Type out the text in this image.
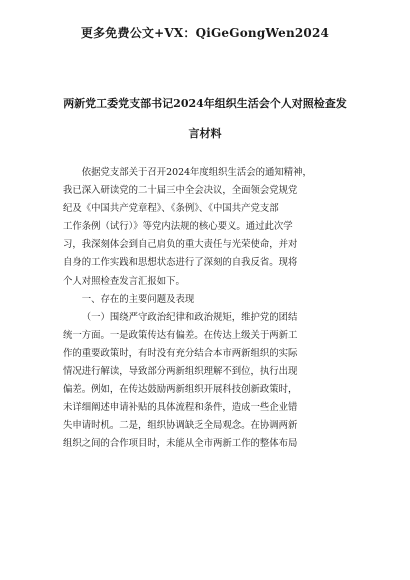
更多免费公文+VX：QiGeGongWen2024
两新党工委党支部书记2024年组织生活会个人对照检查发
言材料

依据党支部关于召开2024年度组织生活会的通知精神，

我已深入研读党的二十届三中全会决议，全面领会党规党

纪及《中国共产党章程》、《条例》、《中国共产党支部

工作条例（试行）》等党内法规的核心要义。通过此次学

习，我深刻体会到自己肩负的重大责任与光荣使命，并对

自身的工作实践和思想状态进行了深刻的自我反省。现将

个人对照检查发言汇报如下。

一、存在的主要问题及表现

（一）围绕严守政治纪律和政治规矩，维护党的团结

统一方面。一是政策传达有偏差。在传达上级关于两新工

作的重要政策时，有时没有充分结合本市两新组织的实际

情况进行解读，导致部分两新组织理解不到位，执行出现

偏差。例如，在传达鼓励两新组织开展科技创新政策时，

未详细阐述申请补贴的具体流程和条件，造成一些企业错

失申请时机。二是，组织协调缺乏全局观念。在协调两新

组织之间的合作项目时，未能从全市两新工作的整体布局
